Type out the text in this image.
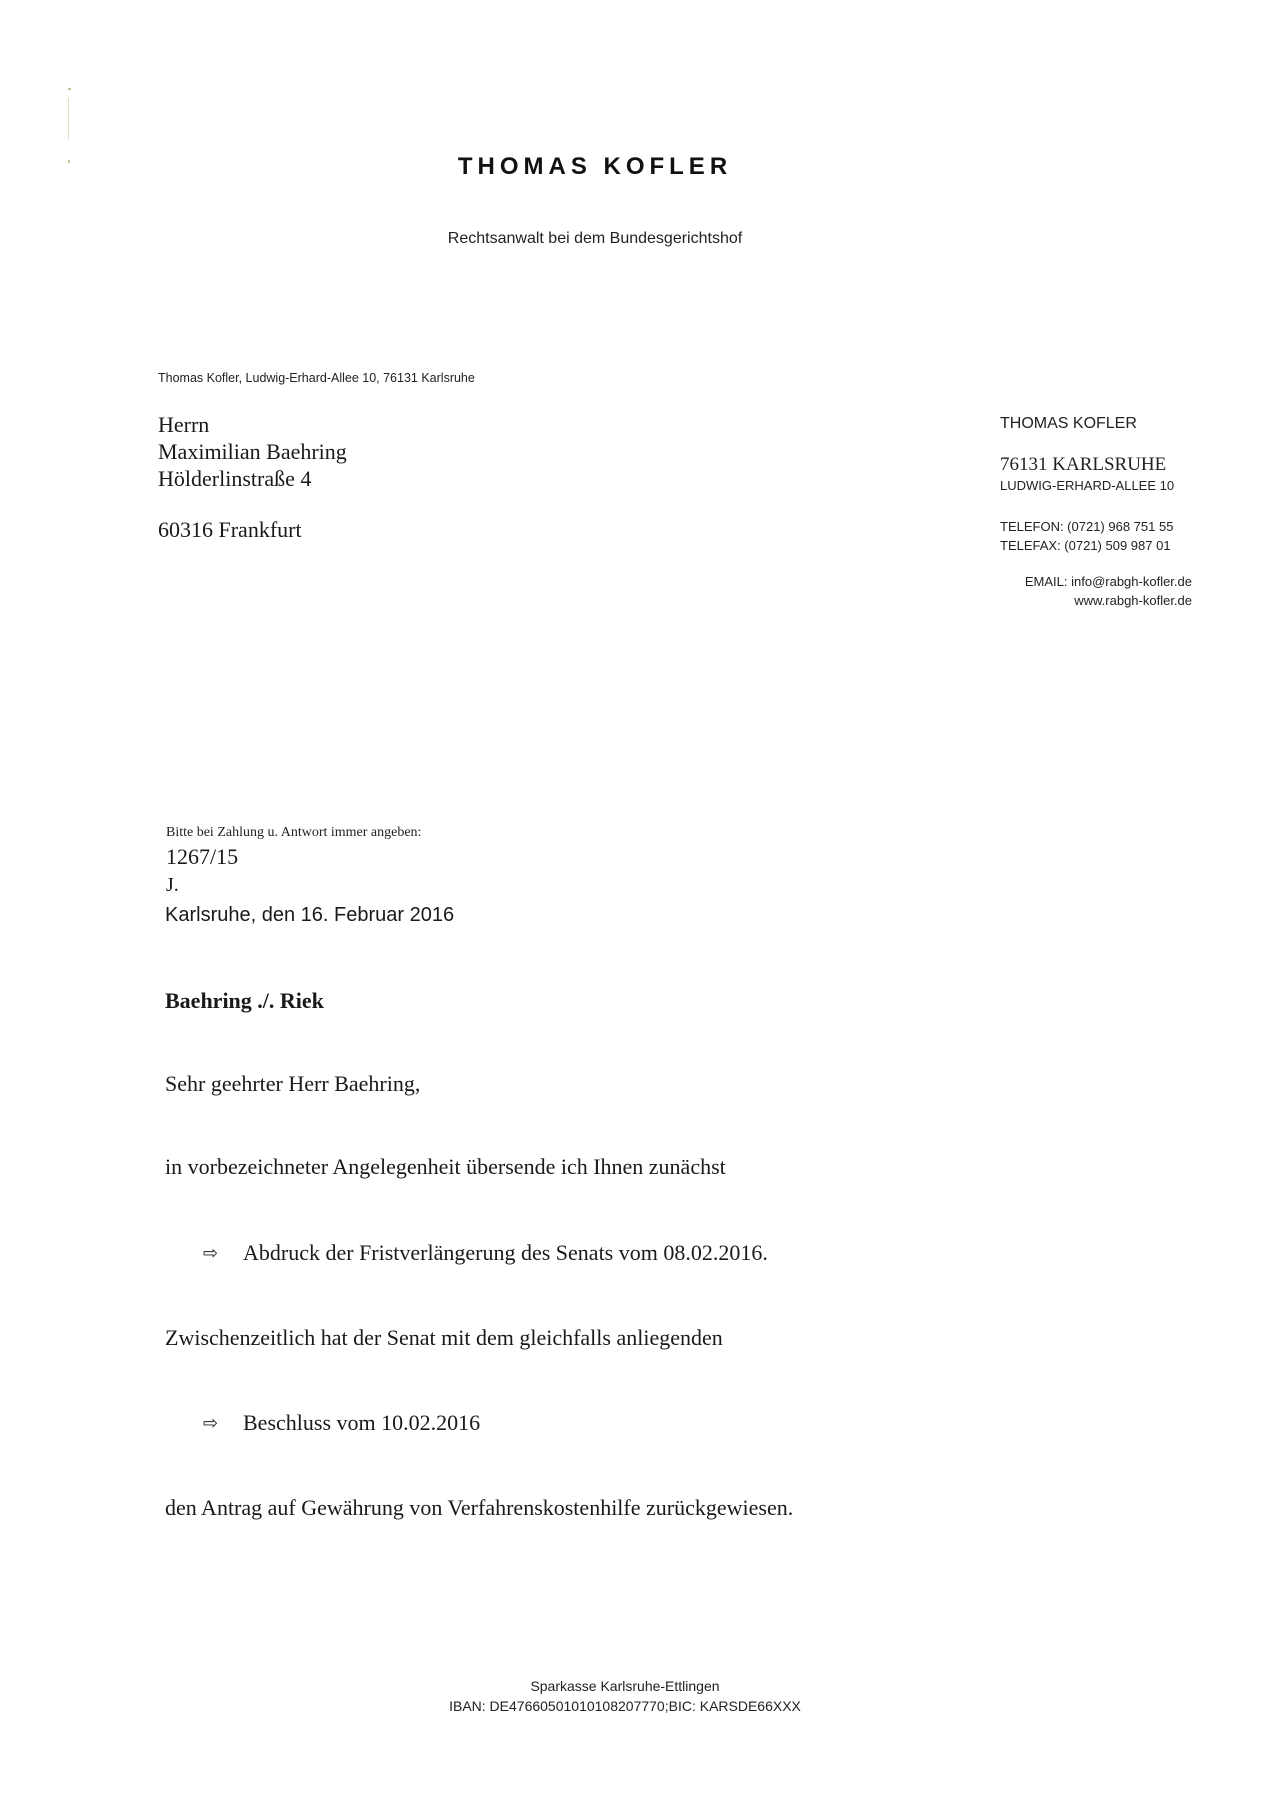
THOMAS KOFLER
Rechtsanwalt bei dem Bundesgerichtshof
Thomas Kofler, Ludwig-Erhard-Allee 10, 76131 Karlsruhe
Herrn
Maximilian Baehring
Hölderlinstraße 4
60316 Frankfurt
THOMAS KOFLER
76131 KARLSRUHE
LUDWIG-ERHARD-ALLEE 10
TELEFON: (0721) 968 751 55
TELEFAX: (0721) 509 987 01
EMAIL: info@rabgh-kofler.de
www.rabgh-kofler.de
Bitte bei Zahlung u. Antwort immer angeben:
1267/15
J.
Karlsruhe, den 16. Februar 2016
Baehring ./. Riek
Sehr geehrter Herr Baehring,
in vorbezeichneter Angelegenheit übersende ich Ihnen zunächst
⇨	Abdruck der Fristverlängerung des Senats vom 08.02.2016.
Zwischenzeitlich hat der Senat mit dem gleichfalls anliegenden
⇨	Beschluss vom 10.02.2016
den Antrag auf Gewährung von Verfahrenskostenhilfe zurückgewiesen.
Sparkasse Karlsruhe-Ettlingen
IBAN: DE47660501010108207770;BIC: KARSDE66XXX
